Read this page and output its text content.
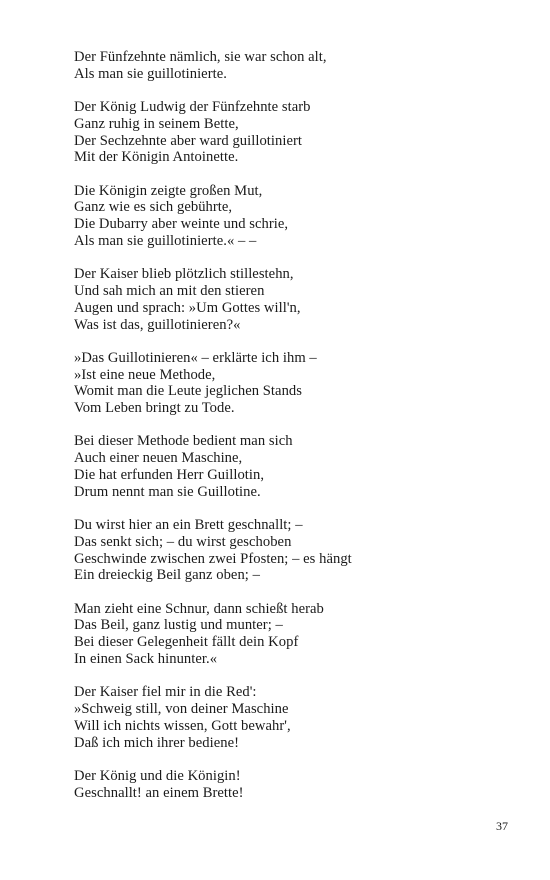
Der Fünfzehnte nämlich, sie war schon alt,
Als man sie guillotinierte.
Der König Ludwig der Fünfzehnte starb
Ganz ruhig in seinem Bette,
Der Sechzehnte aber ward guillotiniert
Mit der Königin Antoinette.
Die Königin zeigte großen Mut,
Ganz wie es sich gebührte,
Die Dubarry aber weinte und schrie,
Als man sie guillotinierte.« – –
Der Kaiser blieb plötzlich stillestehn,
Und sah mich an mit den stieren
Augen und sprach: »Um Gottes will'n,
Was ist das, guillotinieren?«
»Das Guillotinieren« – erklärte ich ihm –
»Ist eine neue Methode,
Womit man die Leute jeglichen Stands
Vom Leben bringt zu Tode.
Bei dieser Methode bedient man sich
Auch einer neuen Maschine,
Die hat erfunden Herr Guillotin,
Drum nennt man sie Guillotine.
Du wirst hier an ein Brett geschnallt; –
Das senkt sich; – du wirst geschoben
Geschwinde zwischen zwei Pfosten; – es hängt
Ein dreieckig Beil ganz oben; –
Man zieht eine Schnur, dann schießt herab
Das Beil, ganz lustig und munter; –
Bei dieser Gelegenheit fällt dein Kopf
In einen Sack hinunter.«
Der Kaiser fiel mir in die Red':
»Schweig still, von deiner Maschine
Will ich nichts wissen, Gott bewahr',
Daß ich mich ihrer bediene!
Der König und die Königin!
Geschnallt! an einem Brette!
37
